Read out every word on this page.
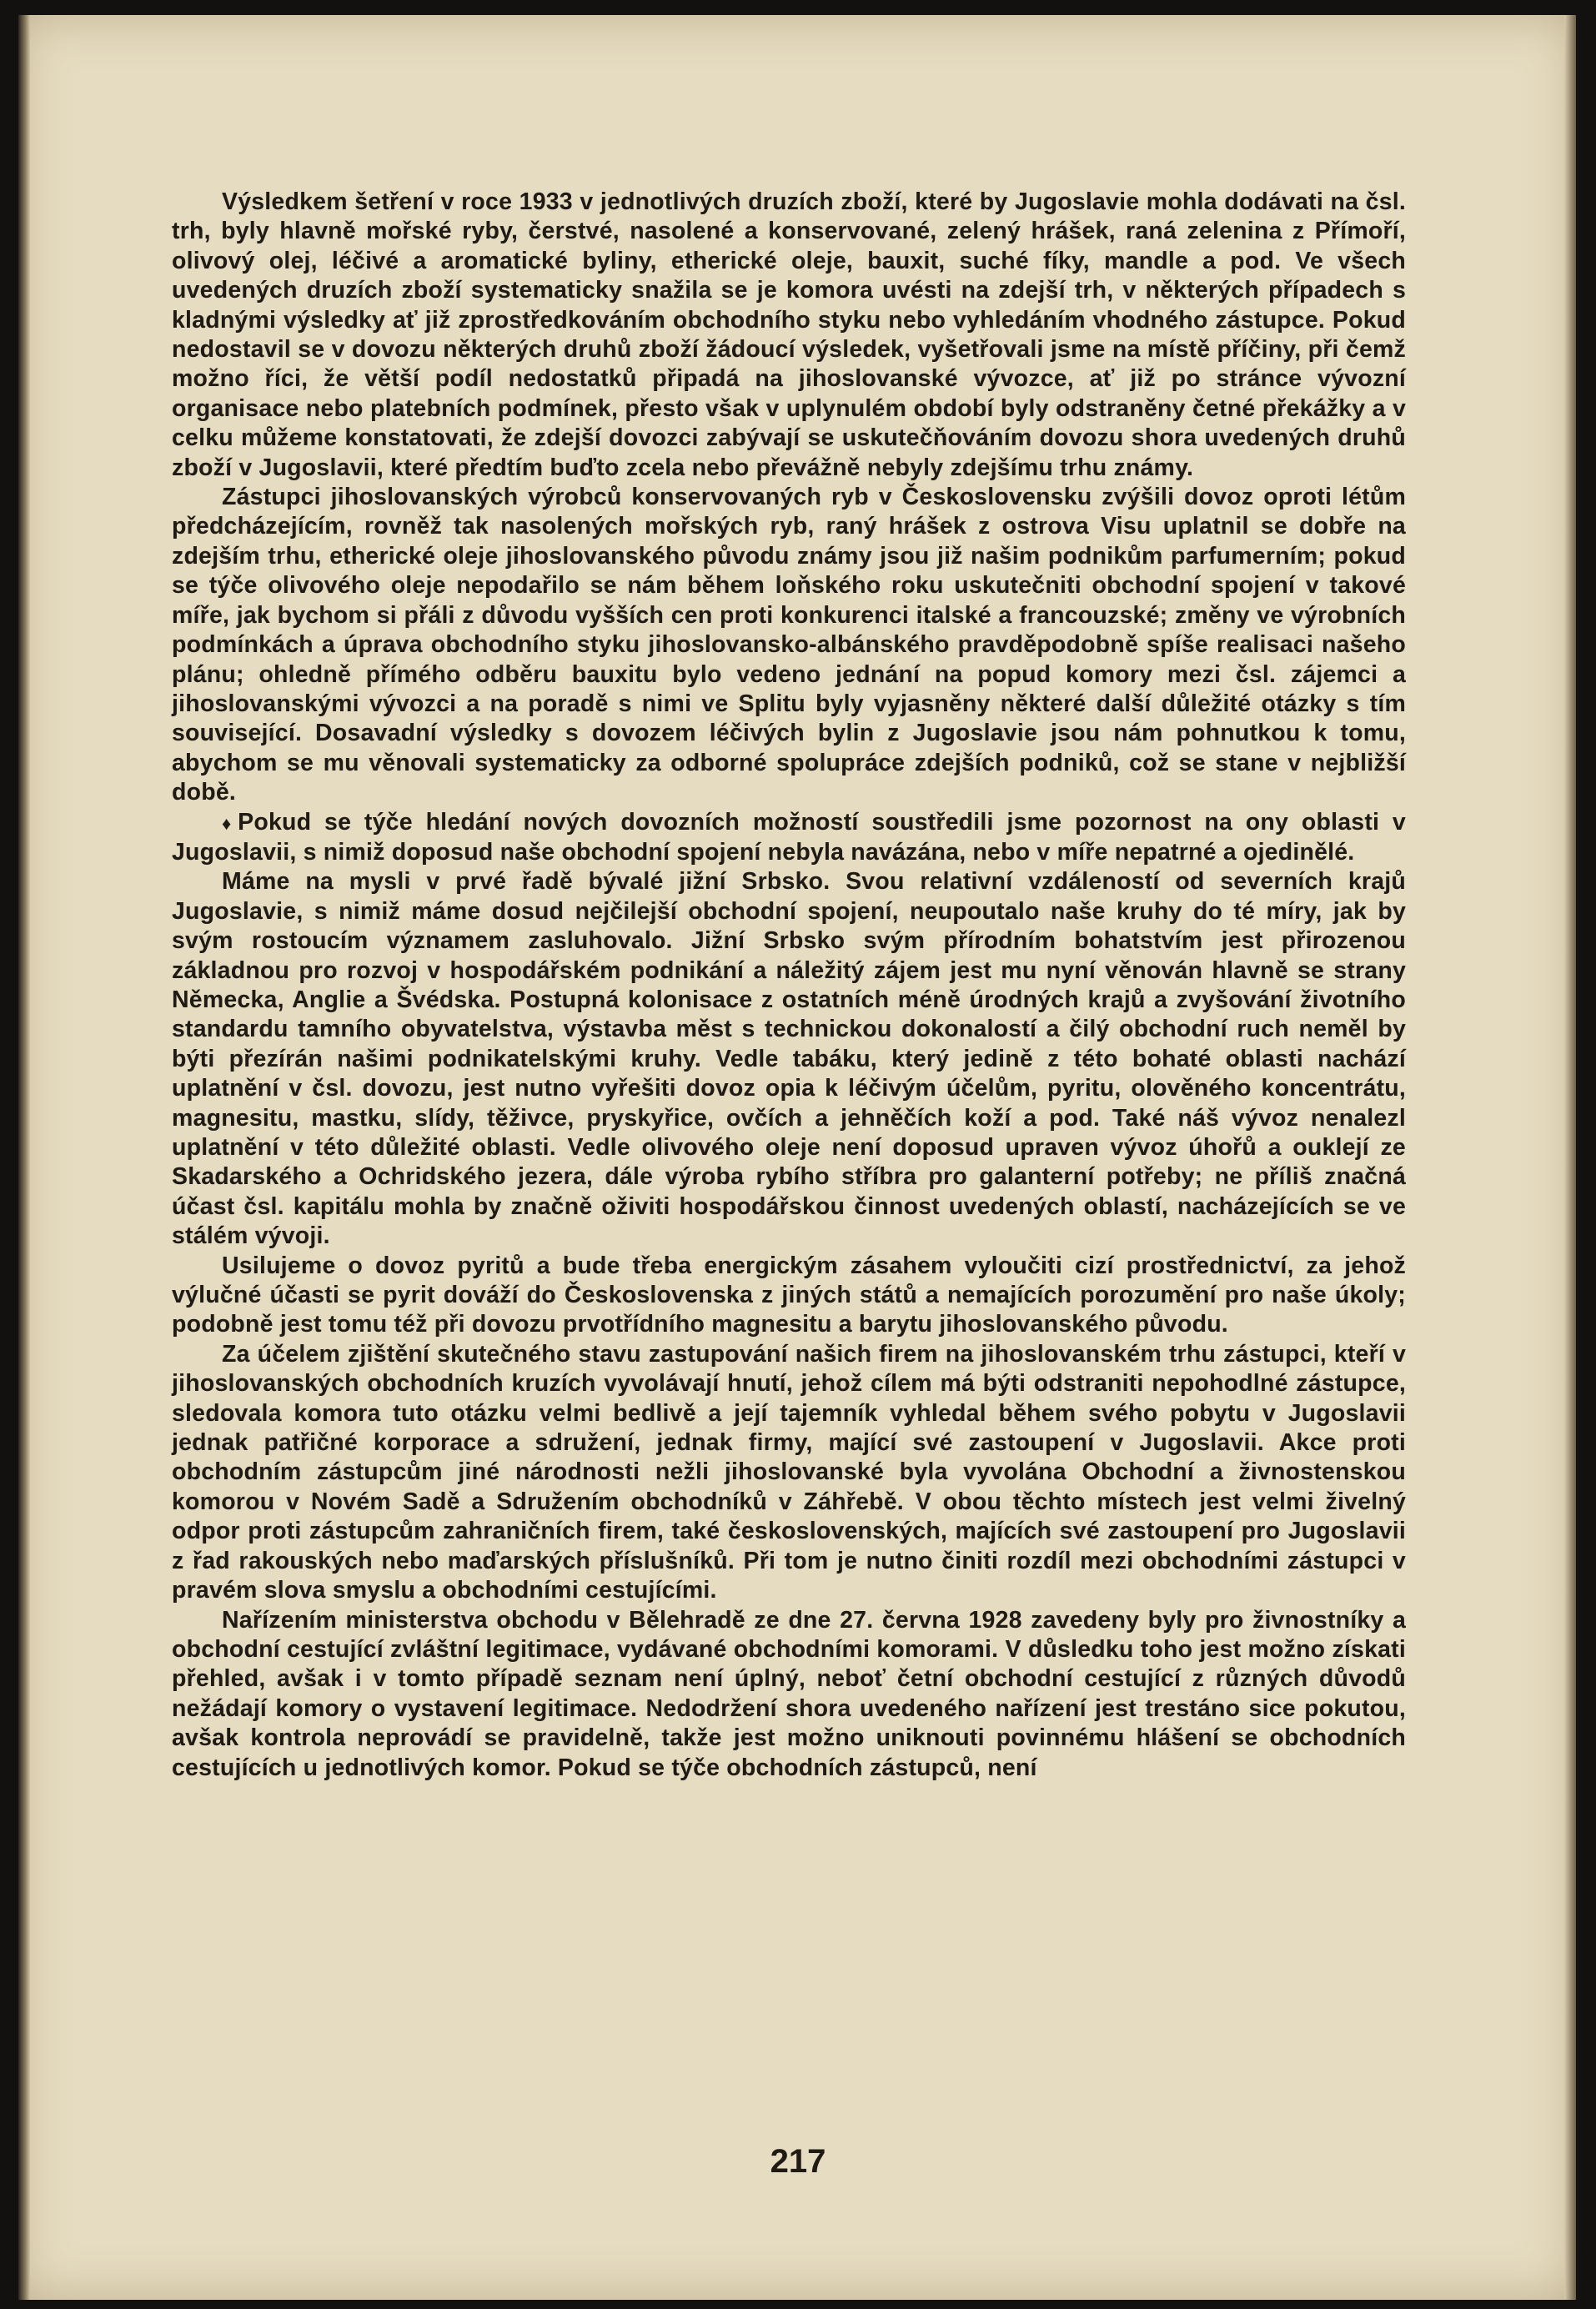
Výsledkem šetření v roce 1933 v jednotlivých druzích zboží, které by Jugoslavie mohla dodávati na čsl. trh, byly hlavně mořské ryby, čerstvé, nasolené a konservované, zelený hrášek, raná zelenina z Přímoří, olivový olej, léčivé a aromatické byliny, etherické oleje, bauxit, suché fíky, mandle a pod. Ve všech uvedených druzích zboží systematicky snažila se je komora uvésti na zdejší trh, v některých případech s kladnými výsledky ať již zprostředkováním obchodního styku nebo vyhledáním vhodného zástupce. Pokud nedostavil se v dovozu některých druhů zboží žádoucí výsledek, vyšetřovali jsme na místě příčiny, při čemž možno říci, že větší podíl nedostatků připadá na jihoslovanské vývozce, ať již po stránce vývozní organisace nebo platebních podmínek, přesto však v uplynulém období byly odstraněny četné překážky a v celku můžeme konstatovati, že zdejší dovozci zabývají se uskutečňováním dovozu shora uvedených druhů zboží v Jugoslavii, které předtím buďto zcela nebo převážně nebyly zdejšímu trhu známy.

Zástupci jihoslovanských výrobců konservovaných ryb v Československu zvýšili dovoz oproti létům předcházejícím, rovněž tak nasolených mořských ryb, raný hrášek z ostrova Visu uplatnil se dobře na zdejším trhu, etherické oleje jihoslovanského původu známy jsou již našim podnikům parfumerním; pokud se týče olivového oleje nepodařilo se nám během loňského roku uskutečniti obchodní spojení v takové míře, jak bychom si přáli z důvodu vyšších cen proti konkurenci italské a francouzské; změny ve výrobních podmínkách a úprava obchodního styku jihoslovansko-albánského pravděpodobně spíše realisaci našeho plánu; ohledně přímého odběru bauxitu bylo vedeno jednání na popud komory mezi čsl. zájemci a jihoslovanskými vývozci a na poradě s nimi ve Splitu byly vyjasněny některé další důležité otázky s tím související. Dosavadní výsledky s dovozem léčivých bylin z Jugoslavie jsou nám pohnutkou k tomu, abychom se mu věnovali systematicky za odborné spolupráce zdejších podniků, což se stane v nejbližší době.

♦Pokud se týče hledání nových dovozních možností soustředili jsme pozornost na ony oblasti v Jugoslavii, s nimiž doposud naše obchodní spojení nebyla navázána, nebo v míře nepatrné a ojedinělé.

Máme na mysli v prvé řadě bývalé jižní Srbsko. Svou relativní vzdáleností od severních krajů Jugoslavie, s nimiž máme dosud nejčilejší obchodní spojení, neupoutalo naše kruhy do té míry, jak by svým rostoucím významem zasluhovalo. Jižní Srbsko svým přírodním bohatstvím jest přirozenou základnou pro rozvoj v hospodářském podnikání a náležitý zájem jest mu nyní věnován hlavně se strany Německa, Anglie a Švédska. Postupná kolonisace z ostatních méně úrodných krajů a zvyšování životního standardu tamního obyvatelstva, výstavba měst s technickou dokonalostí a čilý obchodní ruch neměl by býti přezírán našimi podnikatelskými kruhy. Vedle tabáku, který jedině z této bohaté oblasti nachází uplatnění v čsl. dovozu, jest nutno vyřešiti dovoz opia k léčivým účelům, pyritu, olověného koncentrátu, magnesitu, mastku, slídy, těživce, pryskyřice, ovčích a jehněčích koží a pod. Také náš vývoz nenalezl uplatnění v této důležité oblasti. Vedle olivového oleje není doposud upraven vývoz úhořů a ouklejí ze Skadarského a Ochridského jezera, dále výroba rybího stříbra pro galanterní potřeby; ne příliš značná účast čsl. kapitálu mohla by značně oživiti hospodářskou činnost uvedených oblastí, nacházejících se ve stálém vývoji.

Usilujeme o dovoz pyritů a bude třeba energickým zásahem vyloučiti cizí prostřednictví, za jehož výlučné účasti se pyrit dováží do Československa z jiných států a nemajících porozumění pro naše úkoly; podobně jest tomu též při dovozu prvotřídního magnesitu a barytu jihoslovanského původu.

Za účelem zjištění skutečného stavu zastupování našich firem na jihoslovanském trhu zástupci, kteří v jihoslovanských obchodních kruzích vyvolávají hnutí, jehož cílem má býti odstraniti nepohodlné zástupce, sledovala komora tuto otázku velmi bedlivě a její tajemník vyhledal během svého pobytu v Jugoslavii jednak patřičné korporace a sdružení, jednak firmy, mající své zastoupení v Jugoslavii. Akce proti obchodním zástupcům jiné národnosti nežli jihoslovanské byla vyvolána Obchodní a živnostenskou komorou v Novém Sadě a Sdružením obchodníků v Záhřebě. V obou těchto místech jest velmi živelný odpor proti zástupcům zahraničních firem, také československých, majících své zastoupení pro Jugoslavii z řad rakouských nebo maďarských příslušníků. Při tom je nutno činiti rozdíl mezi obchodními zástupci v pravém slova smyslu a obchodními cestujícími.

Nařízením ministerstva obchodu v Bělehradě ze dne 27. června 1928 zavedeny byly pro živnostníky a obchodní cestující zvláštní legitimace, vydávané obchodními komorami. V důsledku toho jest možno získati přehled, avšak i v tomto případě seznam není úplný, neboť četní obchodní cestující z různých důvodů nežádají komory o vystavení legitimace. Nedodržení shora uvedeného nařízení jest trestáno sice pokutou, avšak kontrola neprovádí se pravidelně, takže jest možno uniknouti povinnému hlášení se obchodních cestujících u jednotlivých komor. Pokud se týče obchodních zástupců, není

217
